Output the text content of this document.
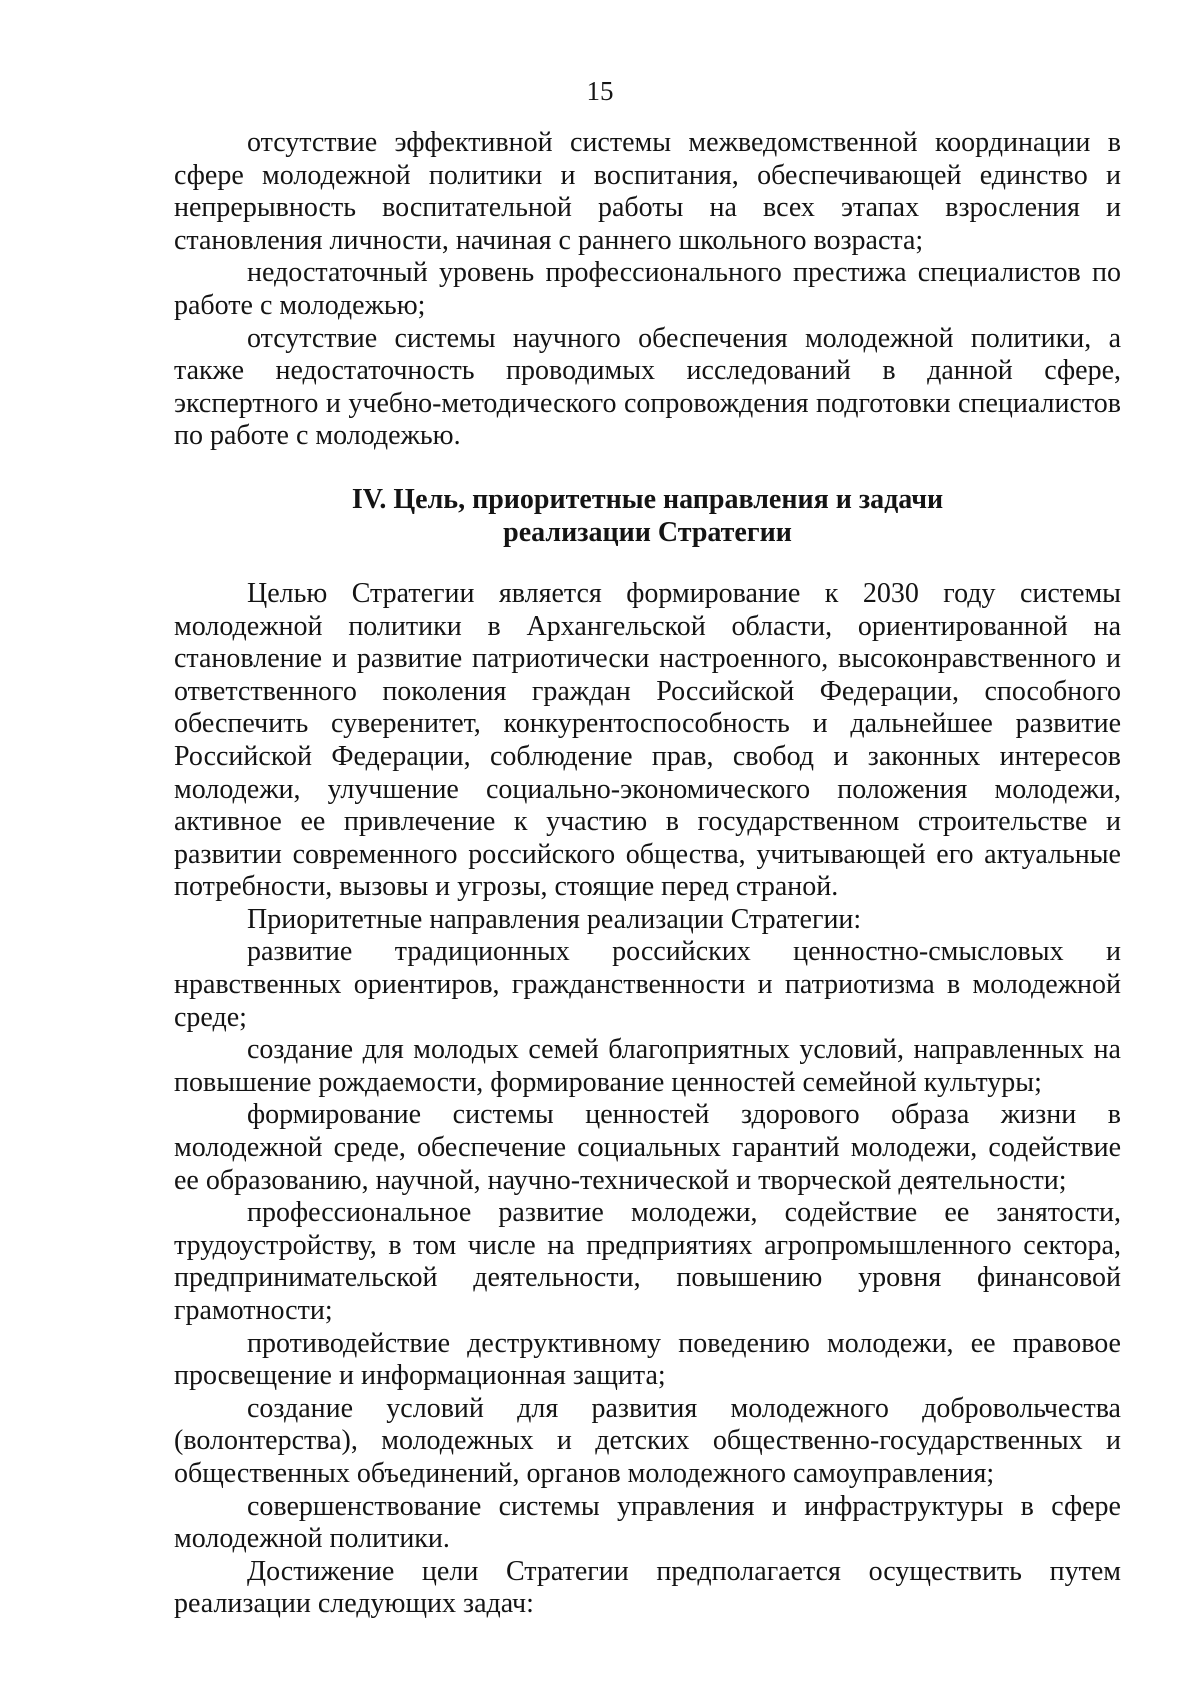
15

отсутствие эффективной системы межведомственной координации в сфере молодежной политики и воспитания, обеспечивающей единство и непрерывность воспитательной работы на всех этапах взросления и становления личности, начиная с раннего школьного возраста;

недостаточный уровень профессионального престижа специалистов по работе с молодежью;

отсутствие системы научного обеспечения молодежной политики, а также недостаточность проводимых исследований в данной сфере, экспертного и учебно-методического сопровождения подготовки специалистов по работе с молодежью.

IV. Цель, приоритетные направления и задачи
реализации Стратегии

Целью Стратегии является формирование к 2030 году системы молодежной политики в Архангельской области, ориентированной на становление и развитие патриотически настроенного, высоконравственного и ответственного поколения граждан Российской Федерации, способного обеспечить суверенитет, конкурентоспособность и дальнейшее развитие Российской Федерации, соблюдение прав, свобод и законных интересов молодежи, улучшение социально-экономического положения молодежи, активное ее привлечение к участию в государственном строительстве и развитии современного российского общества, учитывающей его актуальные потребности, вызовы и угрозы, стоящие перед страной.

Приоритетные направления реализации Стратегии:

развитие традиционных российских ценностно-смысловых и нравственных ориентиров, гражданственности и патриотизма в молодежной среде;

создание для молодых семей благоприятных условий, направленных на повышение рождаемости, формирование ценностей семейной культуры;

формирование системы ценностей здорового образа жизни в молодежной среде, обеспечение социальных гарантий молодежи, содействие ее образованию, научной, научно-технической и творческой деятельности;

профессиональное развитие молодежи, содействие ее занятости, трудоустройству, в том числе на предприятиях агропромышленного сектора, предпринимательской деятельности, повышению уровня финансовой грамотности;

противодействие деструктивному поведению молодежи, ее правовое просвещение и информационная защита;

создание условий для развития молодежного добровольчества (волонтерства), молодежных и детских общественно-государственных и общественных объединений, органов молодежного самоуправления;

совершенствование системы управления и инфраструктуры в сфере молодежной политики.

Достижение цели Стратегии предполагается осуществить путем реализации следующих задач:
